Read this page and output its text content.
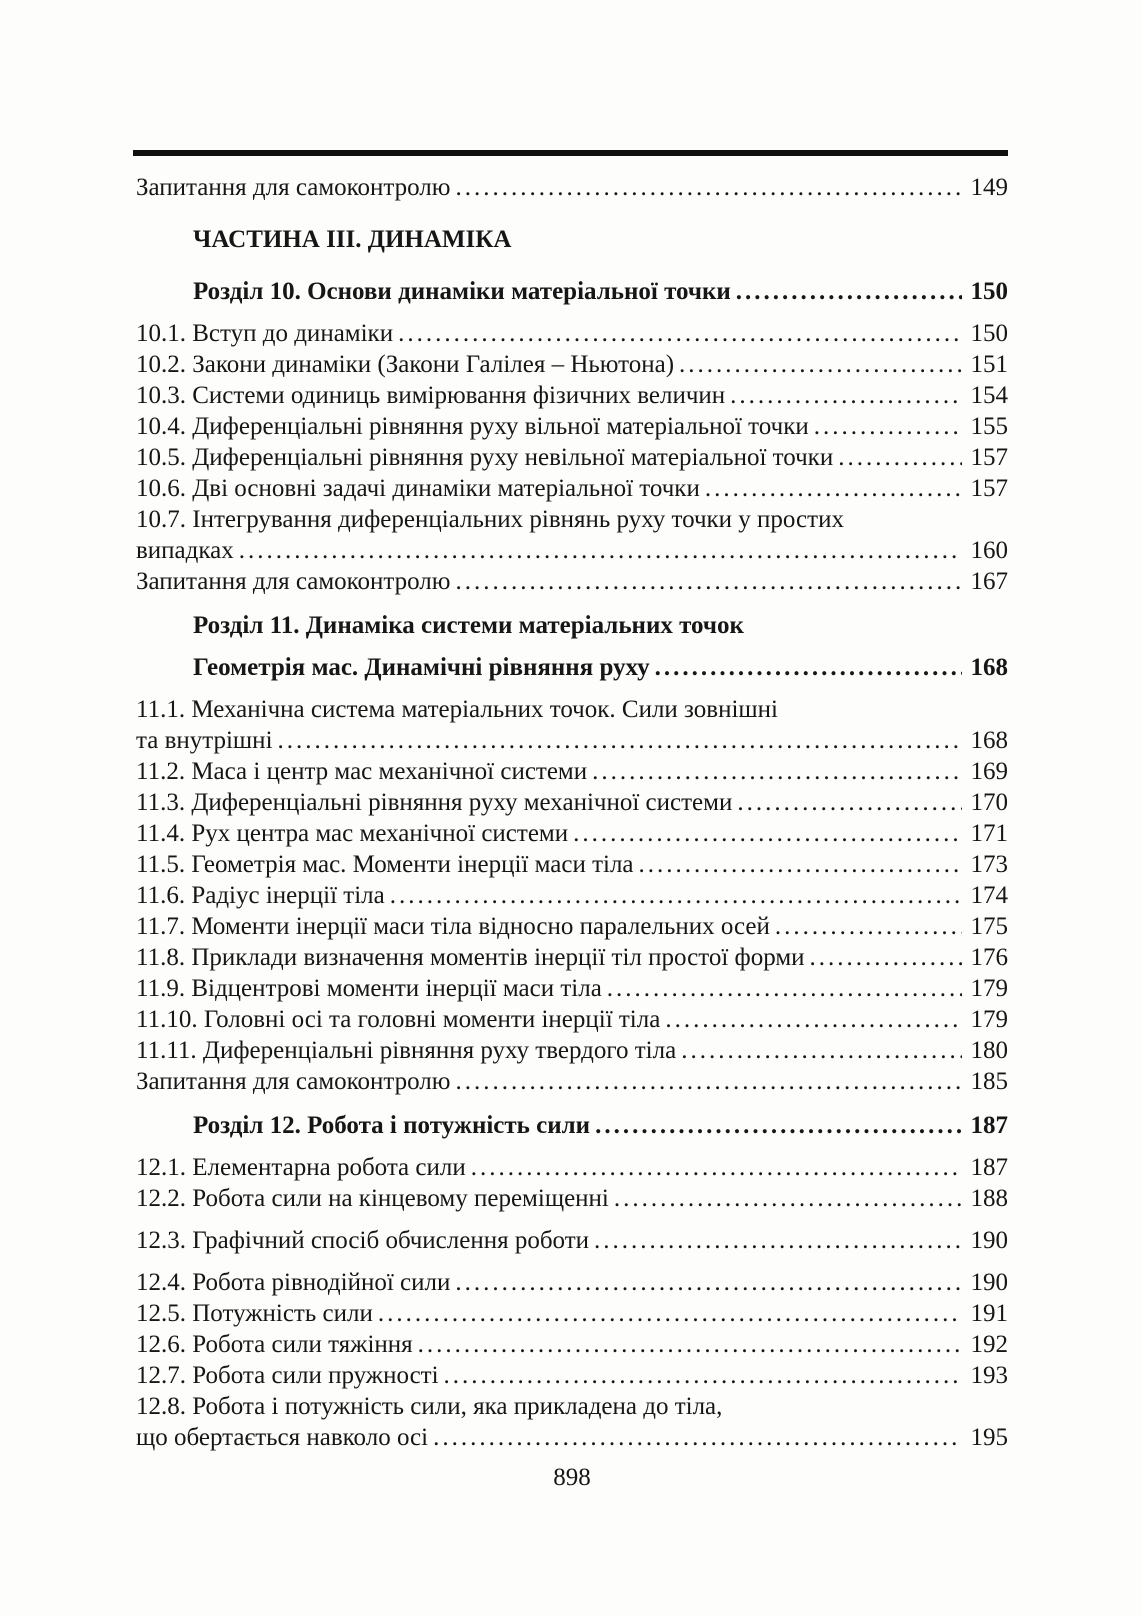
Запитання для самоконтролю .....	149
ЧАСТИНА ІІІ. ДИНАМІКА
Розділ 10. Основи динаміки матеріальної точки .....	150
10.1. Вступ до динаміки .....	150
10.2. Закони динаміки (Закони Галілея – Ньютона) .....	151
10.3. Системи одиниць вимірювання фізичних величин .....	154
10.4. Диференціальні рівняння руху вільної матеріальної точки .....	155
10.5. Диференціальні рівняння руху невільної матеріальної точки .....	157
10.6. Дві основні задачі динаміки матеріальної точки .....	157
10.7. Інтегрування диференціальних рівнянь руху точки у простих
випадках .....	160
Запитання для самоконтролю .....	167
Розділ 11. Динаміка системи матеріальних точок
Геометрія мас. Динамічні рівняння руху .....	168
11.1. Механічна система матеріальних точок. Сили зовнішні
та внутрішні .....	168
11.2. Маса і центр мас механічної системи .....	169
11.3. Диференціальні рівняння руху механічної системи .....	170
11.4. Рух центра мас механічної системи .....	171
11.5. Геометрія мас. Моменти інерції маси тіла .....	173
11.6. Радіус інерції тіла .....	174
11.7. Моменти інерції маси тіла відносно паралельних осей .....	175
11.8. Приклади визначення моментів інерції тіл простої форми .....	176
11.9. Відцентрові моменти інерції маси тіла .....	179
11.10. Головні осі та головні моменти інерції тіла .....	179
11.11. Диференціальні рівняння руху твердого тіла .....	180
Запитання для самоконтролю .....	185
Розділ 12. Робота і потужність сили .....	187
12.1. Елементарна робота сили .....	187
12.2. Робота сили на кінцевому переміщенні .....	188
12.3. Графічний спосіб обчислення роботи .....	190
12.4. Робота рівнодійної сили .....	190
12.5. Потужність сили .....	191
12.6. Робота сили тяжіння .....	192
12.7. Робота сили пружності .....	193
12.8. Робота і потужність сили, яка прикладена до тіла,
що обертається навколо осі .....	195
898
